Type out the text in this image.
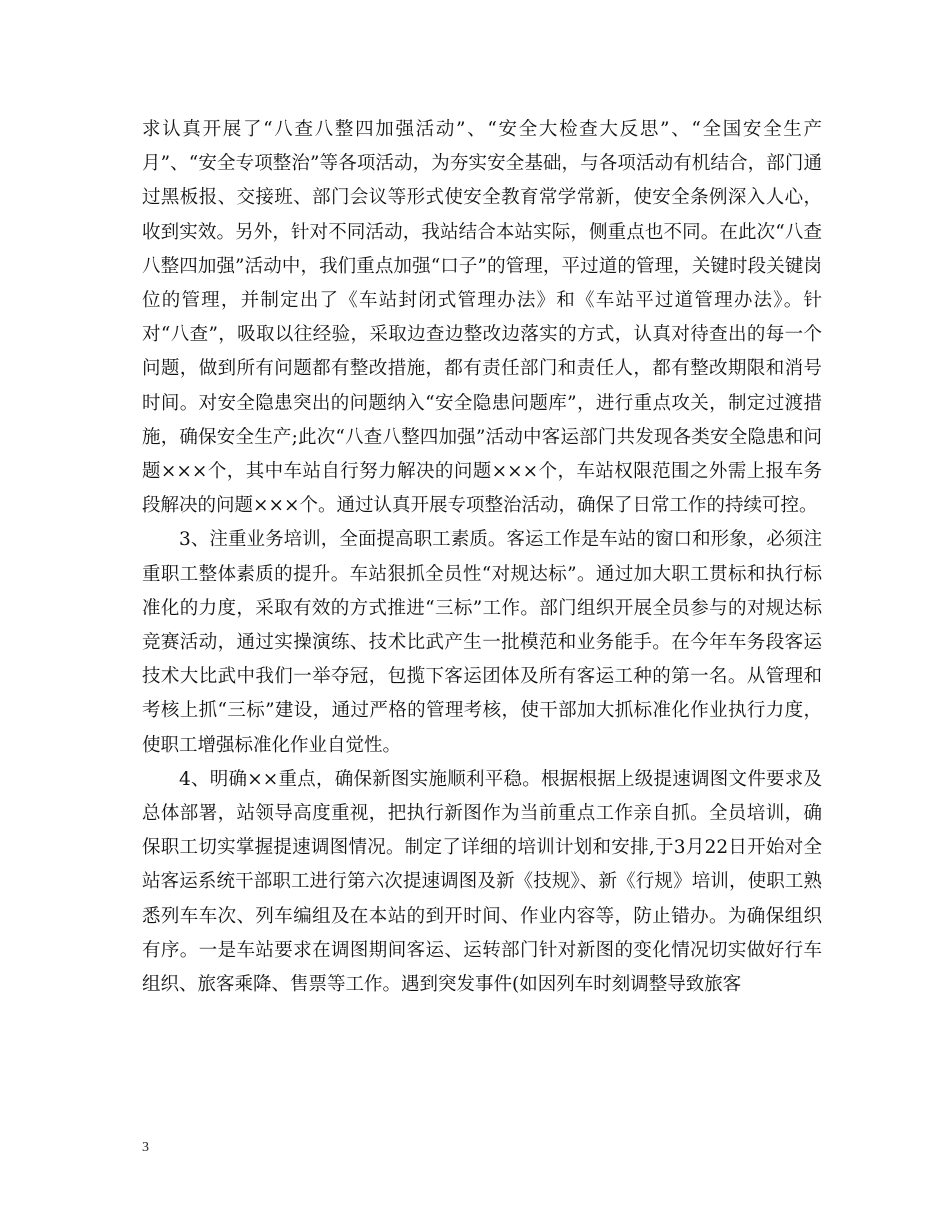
求认真开展了“八查八整四加强活动”、“安全大检查大反思”、“全国安全生产月”、“安全专项整治”等各项活动，为夯实安全基础，与各项活动有机结合，部门通过黑板报、交接班、部门会议等形式使安全教育常学常新，使安全条例深入人心，收到实效。另外，针对不同活动，我站结合本站实际，侧重点也不同。在此次“八查八整四加强”活动中，我们重点加强“口子”的管理，平过道的管理，关键时段关键岗位的管理，并制定出了《车站封闭式管理办法》和《车站平过道管理办法》。针对“八查”，吸取以往经验，采取边查边整改边落实的方式，认真对待查出的每一个问题，做到所有问题都有整改措施，都有责任部门和责任人，都有整改期限和消号时间。对安全隐患突出的问题纳入“安全隐患问题库”，进行重点攻关，制定过渡措施，确保安全生产;此次“八查八整四加强”活动中客运部门共发现各类安全隐患和问题×××个，其中车站自行努力解决的问题×××个，车站权限范围之外需上报车务段解决的问题×××个。通过认真开展专项整治活动，确保了日常工作的持续可控。

3、注重业务培训，全面提高职工素质。客运工作是车站的窗口和形象，必须注重职工整体素质的提升。车站狠抓全员性“对规达标”。通过加大职工贯标和执行标准化的力度，采取有效的方式推进“三标”工作。部门组织开展全员参与的对规达标竞赛活动，通过实操演练、技术比武产生一批模范和业务能手。在今年车务段客运技术大比武中我们一举夺冠，包揽下客运团体及所有客运工种的第一名。从管理和考核上抓“三标”建设，通过严格的管理考核，使干部加大抓标准化作业执行力度，使职工增强标准化作业自觉性。

4、明确××重点，确保新图实施顺利平稳。根据根据上级提速调图文件要求及总体部署，站领导高度重视，把执行新图作为当前重点工作亲自抓。全员培训，确保职工切实掌握提速调图情况。制定了详细的培训计划和安排,于3月22日开始对全站客运系统干部职工进行第六次提速调图及新《技规》、新《行规》培训，使职工熟悉列车车次、列车编组及在本站的到开时间、作业内容等，防止错办。为确保组织有序。一是车站要求在调图期间客运、运转部门针对新图的变化情况切实做好行车组织、旅客乘降、售票等工作。遇到突发事件(如因列车时刻调整导致旅客

3
